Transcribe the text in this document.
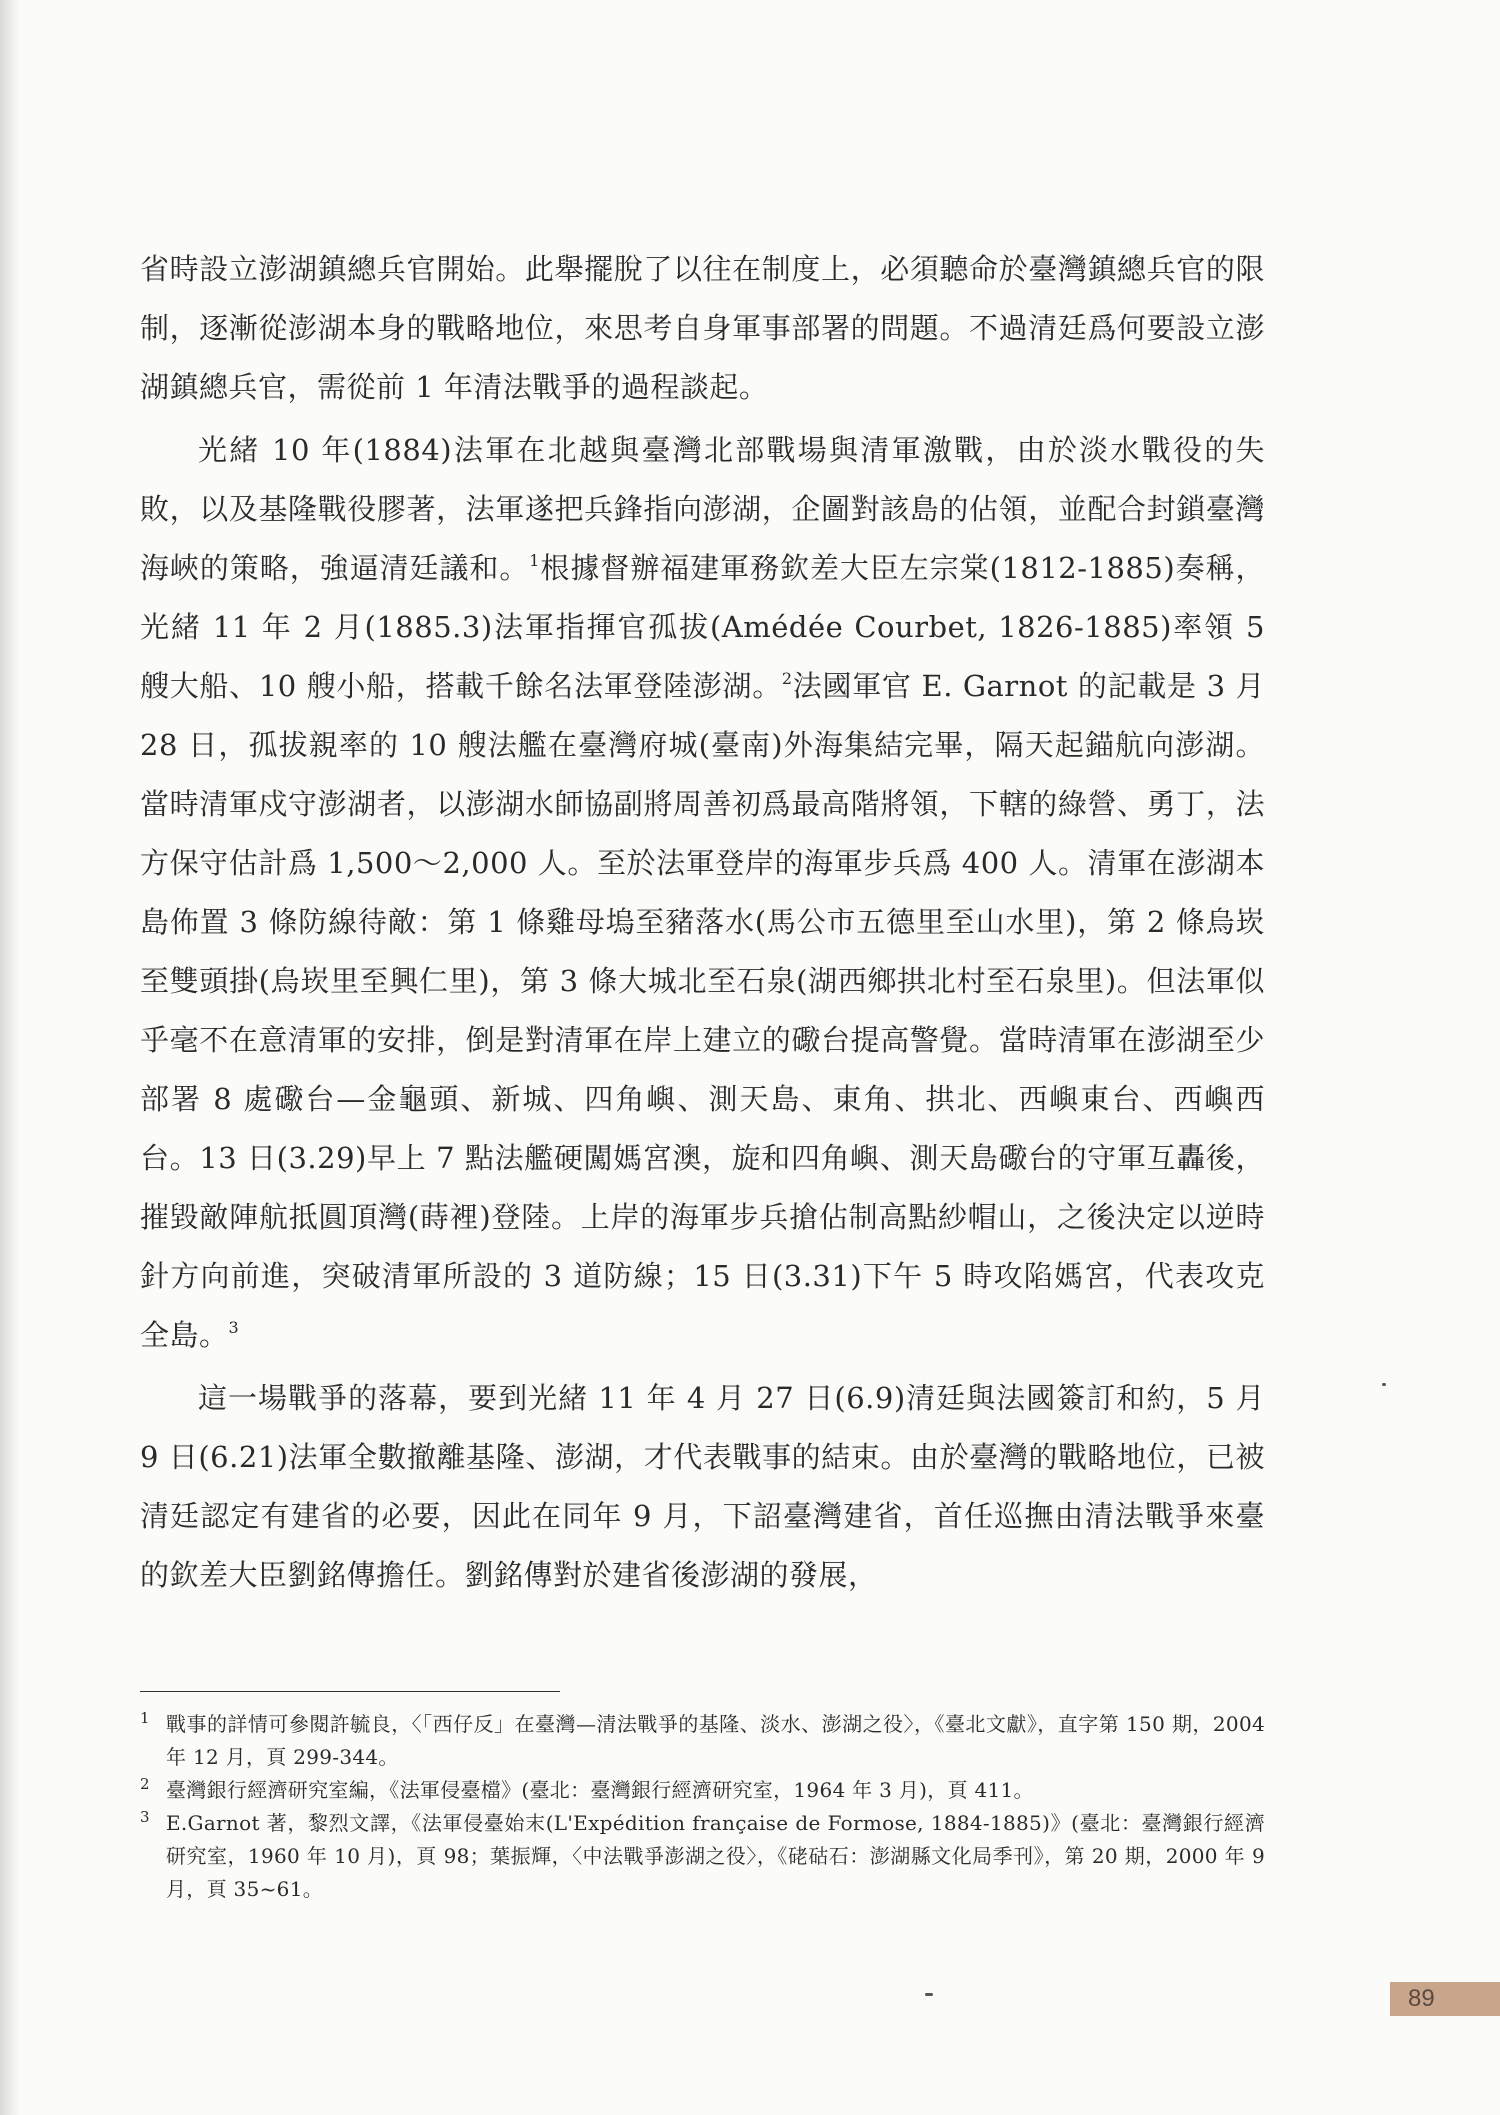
省時設立澎湖鎮總兵官開始。此舉擺脫了以往在制度上，必須聽命於臺灣鎮總兵官的限制，逐漸從澎湖本身的戰略地位，來思考自身軍事部署的問題。不過清廷爲何要設立澎湖鎮總兵官，需從前 1 年清法戰爭的過程談起。

光緒 10 年(1884)法軍在北越與臺灣北部戰場與清軍激戰，由於淡水戰役的失敗，以及基隆戰役膠著，法軍遂把兵鋒指向澎湖，企圖對該島的佔領，並配合封鎖臺灣海峽的策略，強逼清廷議和。$^1$根據督辦福建軍務欽差大臣左宗棠(1812-1885)奏稱，光緒 11 年 2 月(1885.3)法軍指揮官孤拔(Amédée Courbet, 1826-1885)率領 5 艘大船、10 艘小船，搭載千餘名法軍登陸澎湖。$^2$法國軍官 E. Garnot 的記載是 3 月 28 日，孤拔親率的 10 艘法艦在臺灣府城(臺南)外海集結完畢，隔天起錨航向澎湖。當時清軍戍守澎湖者，以澎湖水師協副將周善初爲最高階將領，下轄的綠營、勇丁，法方保守估計爲 1,500～2,000 人。至於法軍登岸的海軍步兵爲 400 人。清軍在澎湖本島佈置 3 條防線待敵：第 1 條雞母塢至豬落水(馬公市五德里至山水里)，第 2 條烏崁至雙頭掛(烏崁里至興仁里)，第 3 條大城北至石泉(湖西鄉拱北村至石泉里)。但法軍似乎毫不在意清軍的安排，倒是對清軍在岸上建立的礮台提高警覺。當時清軍在澎湖至少部署 8 處礮台—金龜頭、新城、四角嶼、測天島、東角、拱北、西嶼東台、西嶼西台。13 日(3.29)早上 7 點法艦硬闖媽宮澳，旋和四角嶼、測天島礮台的守軍互轟後，摧毀敵陣航抵圓頂灣(蒔裡)登陸。上岸的海軍步兵搶佔制高點紗帽山，之後決定以逆時針方向前進，突破清軍所設的 3 道防線；15 日(3.31)下午 5 時攻陷媽宮，代表攻克全島。$^3$

這一場戰爭的落幕，要到光緒 11 年 4 月 27 日(6.9)清廷與法國簽訂和約，5 月 9 日(6.21)法軍全數撤離基隆、澎湖，才代表戰事的結束。由於臺灣的戰略地位，已被清廷認定有建省的必要，因此在同年 9 月，下詔臺灣建省，首任巡撫由清法戰爭來臺的欽差大臣劉銘傳擔任。劉銘傳對於建省後澎湖的發展，

1 戰事的詳情可參閱許毓良，〈「西仔反」在臺灣—清法戰爭的基隆、淡水、澎湖之役〉，《臺北文獻》，直字第 150 期，2004 年 12 月，頁 299-344。

2 臺灣銀行經濟研究室編，《法軍侵臺檔》(臺北：臺灣銀行經濟研究室，1964 年 3 月)，頁 411。

3 E.Garnot 著，黎烈文譯，《法軍侵臺始末(L'Expédition française de Formose, 1884-1885)》(臺北：臺灣銀行經濟研究室，1960 年 10 月)，頁 98；葉振輝，〈中法戰爭澎湖之役〉，《硓𥑮石：澎湖縣文化局季刊》，第 20 期，2000 年 9 月，頁 35~61。

89
